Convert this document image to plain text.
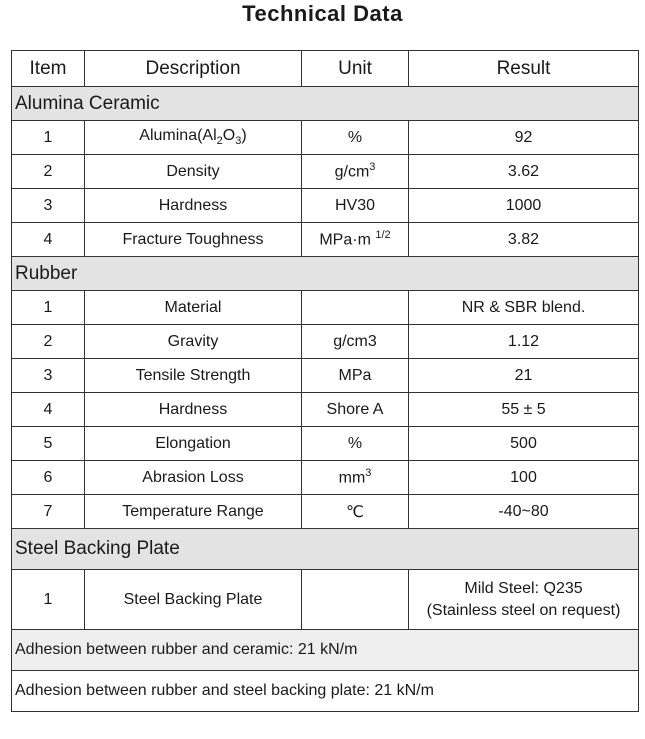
Technical Data
Item	Description	Unit	Result
Alumina Ceramic			
1	$Alumina(Al_2O_3)$	%	92
2	Density	$g/cm^3$	3.62
3	Hardness	HV30	1000
4	Fracture Toughness	MPa·m $^{1/2}$	3.82
Rubber			
1	Material		NR & SBR blend.
2	Gravity	g/cm3	1.12
3	Tensile Strength	MPa	21
4	Hardness	Shore A	55 ± 5
5	Elongation	%	500
6	Abrasion Loss	$mm^3$	100
7	Temperature Range	℃	-40~80
Steel Backing Plate			
1	Steel Backing Plate		Mild Steel: Q235
(Stainless steel on request)

Adhesion between rubber and ceramic: 21 kN/m			
Adhesion between rubber and steel backing plate: 21 kN/m			
